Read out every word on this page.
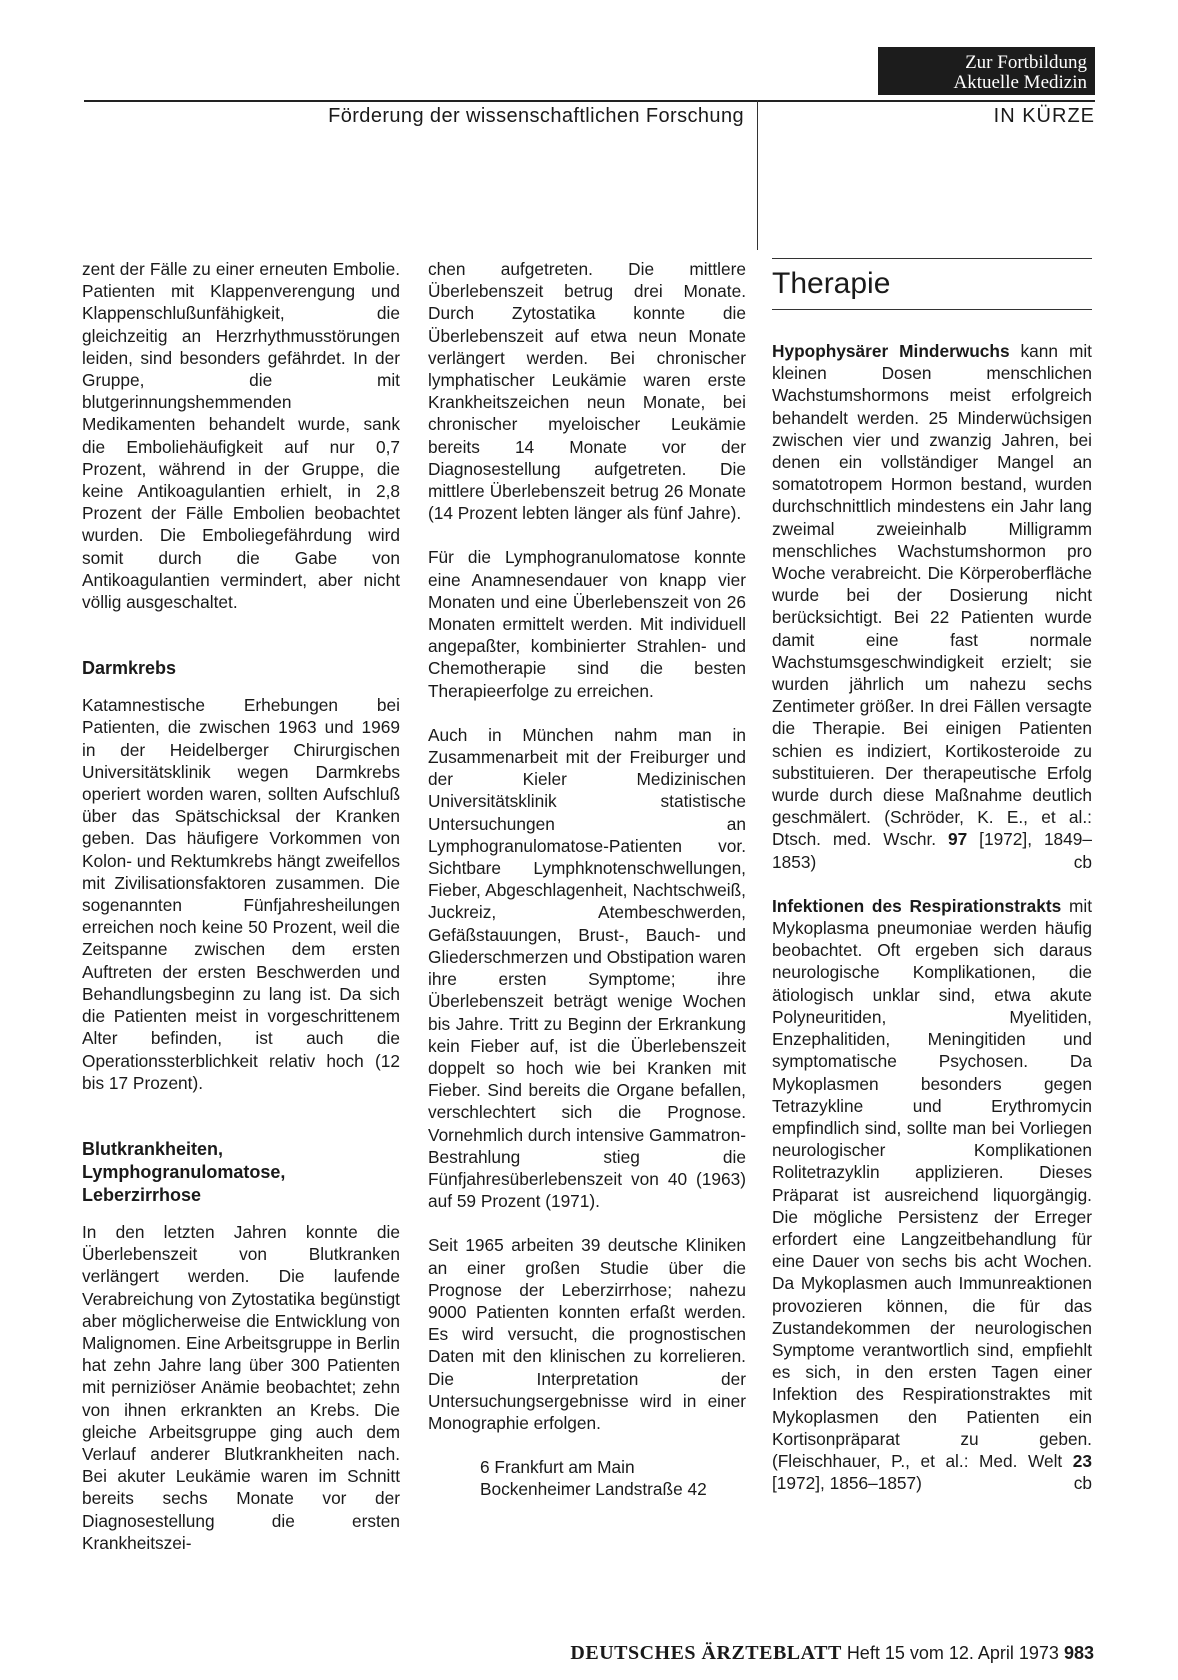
Zur Fortbildung
Aktuelle Medizin
Förderung der wissenschaftlichen Forschung	IN KÜRZE

zent der Fälle zu einer erneuten Embolie. Patienten mit Klappenverengung und Klappenschlußunfähigkeit, die gleichzeitig an Herzrhythmusstörungen leiden, sind besonders gefährdet. In der Gruppe, die mit blutgerinnungshemmenden Medikamenten behandelt wurde, sank die Emboliehäufigkeit auf nur 0,7 Prozent, während in der Gruppe, die keine Antikoagulantien erhielt, in 2,8 Prozent der Fälle Embolien beobachtet wurden. Die Emboliegefährdung wird somit durch die Gabe von Antikoagulantien vermindert, aber nicht völlig ausgeschaltet.

Darmkrebs

Katamnestische Erhebungen bei Patienten, die zwischen 1963 und 1969 in der Heidelberger Chirurgischen Universitätsklinik wegen Darmkrebs operiert worden waren, sollten Aufschluß über das Spätschicksal der Kranken geben. Das häufigere Vorkommen von Kolon- und Rektumkrebs hängt zweifellos mit Zivilisationsfaktoren zusammen. Die sogenannten Fünfjahresheilungen erreichen noch keine 50 Prozent, weil die Zeitspanne zwischen dem ersten Auftreten der ersten Beschwerden und Behandlungsbeginn zu lang ist. Da sich die Patienten meist in vorgeschrittenem Alter befinden, ist auch die Operationssterblichkeit relativ hoch (12 bis 17 Prozent).

Blutkrankheiten, Lymphogranulomatose, Leberzirrhose

In den letzten Jahren konnte die Überlebenszeit von Blutkranken verlängert werden. Die laufende Verabreichung von Zytostatika begünstigt aber möglicherweise die Entwicklung von Malignomen. Eine Arbeitsgruppe in Berlin hat zehn Jahre lang über 300 Patienten mit perniziöser Anämie beobachtet; zehn von ihnen erkrankten an Krebs. Die gleiche Arbeitsgruppe ging auch dem Verlauf anderer Blutkrankheiten nach. Bei akuter Leukämie waren im Schnitt bereits sechs Monate vor der Diagnosestellung die ersten Krankheitszei-

chen aufgetreten. Die mittlere Überlebenszeit betrug drei Monate. Durch Zytostatika konnte die Überlebenszeit auf etwa neun Monate verlängert werden. Bei chronischer lymphatischer Leukämie waren erste Krankheitszeichen neun Monate, bei chronischer myeloischer Leukämie bereits 14 Monate vor der Diagnosestellung aufgetreten. Die mittlere Überlebenszeit betrug 26 Monate (14 Prozent lebten länger als fünf Jahre).

Für die Lymphogranulomatose konnte eine Anamnesendauer von knapp vier Monaten und eine Überlebenszeit von 26 Monaten ermittelt werden. Mit individuell angepaßter, kombinierter Strahlen- und Chemotherapie sind die besten Therapieerfolge zu erreichen.

Auch in München nahm man in Zusammenarbeit mit der Freiburger und der Kieler Medizinischen Universitätsklinik statistische Untersuchungen an Lymphogranulomatose-Patienten vor. Sichtbare Lymphknotenschwellungen, Fieber, Abgeschlagenheit, Nachtschweiß, Juckreiz, Atembeschwerden, Gefäßstauungen, Brust-, Bauch- und Gliederschmerzen und Obstipation waren ihre ersten Symptome; ihre Überlebenszeit beträgt wenige Wochen bis Jahre. Tritt zu Beginn der Erkrankung kein Fieber auf, ist die Überlebenszeit doppelt so hoch wie bei Kranken mit Fieber. Sind bereits die Organe befallen, verschlechtert sich die Prognose. Vornehmlich durch intensive Gammatron-Bestrahlung stieg die Fünfjahresüberlebenszeit von 40 (1963) auf 59 Prozent (1971).

Seit 1965 arbeiten 39 deutsche Kliniken an einer großen Studie über die Prognose der Leberzirrhose; nahezu 9000 Patienten konnten erfaßt werden. Es wird versucht, die prognostischen Daten mit den klinischen zu korrelieren. Die Interpretation der Untersuchungsergebnisse wird in einer Monographie erfolgen.

6 Frankfurt am Main

Bockenheimer Landstraße 42

Therapie

Hypophysärer Minderwuchs kann mit kleinen Dosen menschlichen Wachstumshormons meist erfolgreich behandelt werden. 25 Minderwüchsigen zwischen vier und zwanzig Jahren, bei denen ein vollständiger Mangel an somatotropem Hormon bestand, wurden durchschnittlich mindestens ein Jahr lang zweimal zweieinhalb Milligramm menschliches Wachstumshormon pro Woche verabreicht. Die Körperoberfläche wurde bei der Dosierung nicht berücksichtigt. Bei 22 Patienten wurde damit eine fast normale Wachstumsgeschwindigkeit erzielt; sie wurden jährlich um nahezu sechs Zentimeter größer. In drei Fällen versagte die Therapie. Bei einigen Patienten schien es indiziert, Kortikosteroide zu substituieren. Der therapeutische Erfolg wurde durch diese Maßnahme deutlich geschmälert. (Schröder, K. E., et al.: Dtsch. med. Wschr. 97 [1972], 1849–1853)	cb

Infektionen des Respirationstrakts mit Mykoplasma pneumoniae werden häufig beobachtet. Oft ergeben sich daraus neurologische Komplikationen, die ätiologisch unklar sind, etwa akute Polyneuritiden, Myelitiden, Enzephalitiden, Meningitiden und symptomatische Psychosen. Da Mykoplasmen besonders gegen Tetrazykline und Erythromycin empfindlich sind, sollte man bei Vorliegen neurologischer Komplikationen Rolitetrazyklin applizieren. Dieses Präparat ist ausreichend liquorgängig. Die mögliche Persistenz der Erreger erfordert eine Langzeitbehandlung für eine Dauer von sechs bis acht Wochen. Da Mykoplasmen auch Immunreaktionen provozieren können, die für das Zustandekommen der neurologischen Symptome verantwortlich sind, empfiehlt es sich, in den ersten Tagen einer Infektion des Respirationstraktes mit Mykoplasmen den Patienten ein Kortisonpräparat zu geben. (Fleischhauer, P., et al.: Med. Welt 23 [1972], 1856–1857)	cb

DEUTSCHES ÄRZTEBLATT Heft 15 vom 12. April 1973 983
